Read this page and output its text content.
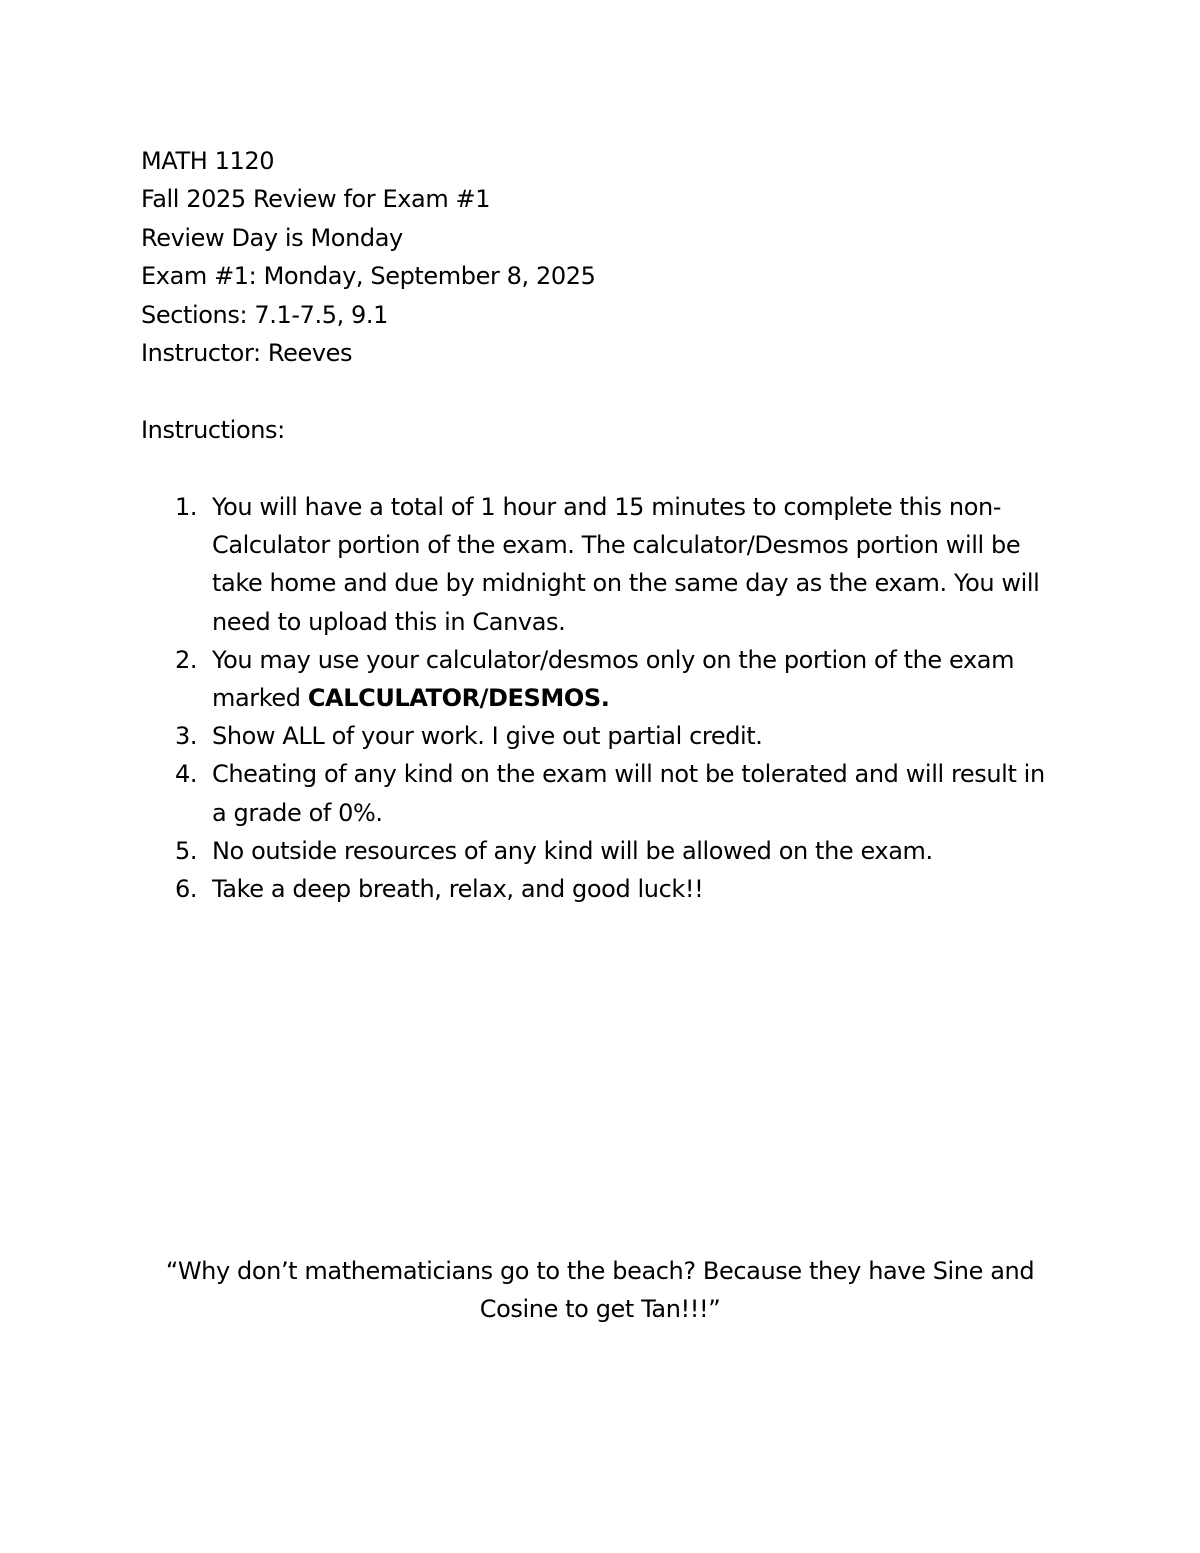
MATH 1120
Fall 2025 Review for Exam #1
Review Day is Monday
Exam #1: Monday, September 8, 2025
Sections: 7.1-7.5, 9.1
Instructor: Reeves
Instructions:
1. You will have a total of 1 hour and 15 minutes to complete this non-Calculator portion of the exam. The calculator/Desmos portion will be take home and due by midnight on the same day as the exam. You will need to upload this in Canvas.
2. You may use your calculator/desmos only on the portion of the exam marked CALCULATOR/DESMOS.
3. Show ALL of your work. I give out partial credit.
4. Cheating of any kind on the exam will not be tolerated and will result in a grade of 0%.
5. No outside resources of any kind will be allowed on the exam.
6. Take a deep breath, relax, and good luck!!
“Why don’t mathematicians go to the beach? Because they have Sine and Cosine to get Tan!!!”
